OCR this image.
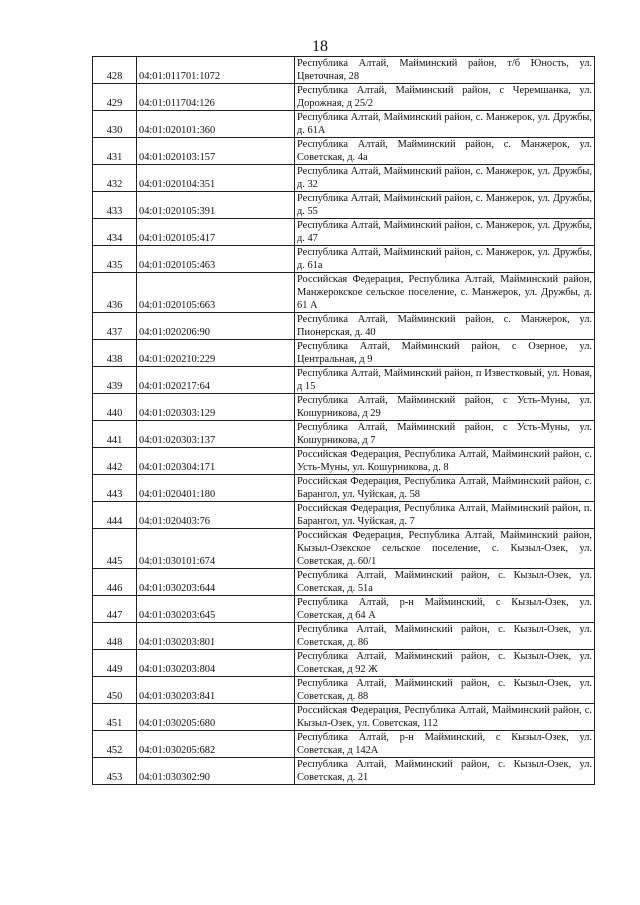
18
428	04:01:011701:1072	Республика Алтай, Майминский район, т/б Юность, ул. Цветочная, 28
429	04:01:011704:126	Республика Алтай, Майминский район, с Черемшанка, ул. Дорожная, д 25/2
430	04:01:020101:360	Республика Алтай, Майминский район, с. Манжерок, ул. Дружбы, д. 61А
431	04:01:020103:157	Республика Алтай, Майминский район, с. Манжерок, ул. Советская, д. 4а
432	04:01:020104:351	Республика Алтай, Майминский район, с. Манжерок, ул. Дружбы, д. 32
433	04:01:020105:391	Республика Алтай, Майминский район, с. Манжерок, ул. Дружбы, д. 55
434	04:01:020105:417	Республика Алтай, Майминский район, с. Манжерок, ул. Дружбы, д. 47
435	04:01:020105:463	Республика Алтай, Майминский район, с. Манжерок, ул. Дружбы, д. 61а
436	04:01:020105:663	Российская Федерация, Республика Алтай, Майминский район, Манжерокское сельское поселение, с. Манжерок, ул. Дружбы, д. 61 А
437	04:01:020206:90	Республика Алтай, Майминский район, с. Манжерок, ул. Пионерская, д. 40
438	04:01:020210:229	Республика Алтай, Майминский район, с Озерное, ул. Центральная, д 9
439	04:01:020217:64	Республика Алтай, Майминский район, п Известковый, ул. Новая, д 15
440	04:01:020303:129	Республика Алтай, Майминский район, с Усть-Муны, ул. Кошурникова, д 29
441	04:01:020303:137	Республика Алтай, Майминский район, с Усть-Муны, ул. Кошурникова, д 7
442	04:01:020304:171	Российская Федерация, Республика Алтай, Майминский район, с. Усть-Муны, ул. Кошурникова, д. 8
443	04:01:020401:180	Российская Федерация, Республика Алтай, Майминский район, с. Барангол, ул. Чуйская, д. 58
444	04:01:020403:76	Российская Федерация, Республика Алтай, Майминский район, п. Барангол, ул. Чуйская, д. 7
445	04:01:030101:674	Российская Федерация, Республика Алтай, Майминский район, Кызыл-Озекское сельское поселение, с. Кызыл-Озек, ул. Советская, д. 60/1
446	04:01:030203:644	Республика Алтай, Майминский район, с. Кызыл-Озек, ул. Советская, д. 51а
447	04:01:030203:645	Республика Алтай, р-н Майминский, с Кызыл-Озек, ул. Советская, д 64 А
448	04:01:030203:801	Республика Алтай, Майминский район, с. Кызыл-Озек, ул. Советская, д. 86
449	04:01:030203:804	Республика Алтай, Майминский район, с. Кызыл-Озек, ул. Советская, д 92 Ж
450	04:01:030203:841	Республика Алтай, Майминский район, с. Кызыл-Озек, ул. Советская, д. 88
451	04:01:030205:680	Российская Федерация, Республика Алтай, Майминский район, с. Кызыл-Озек, ул. Советская, 112
452	04:01:030205:682	Республика Алтай, р-н Майминский, с Кызыл-Озек, ул. Советская, д 142А
453	04:01:030302:90	Республика Алтай, Майминский район, с. Кызыл-Озек, ул. Советская, д. 21
